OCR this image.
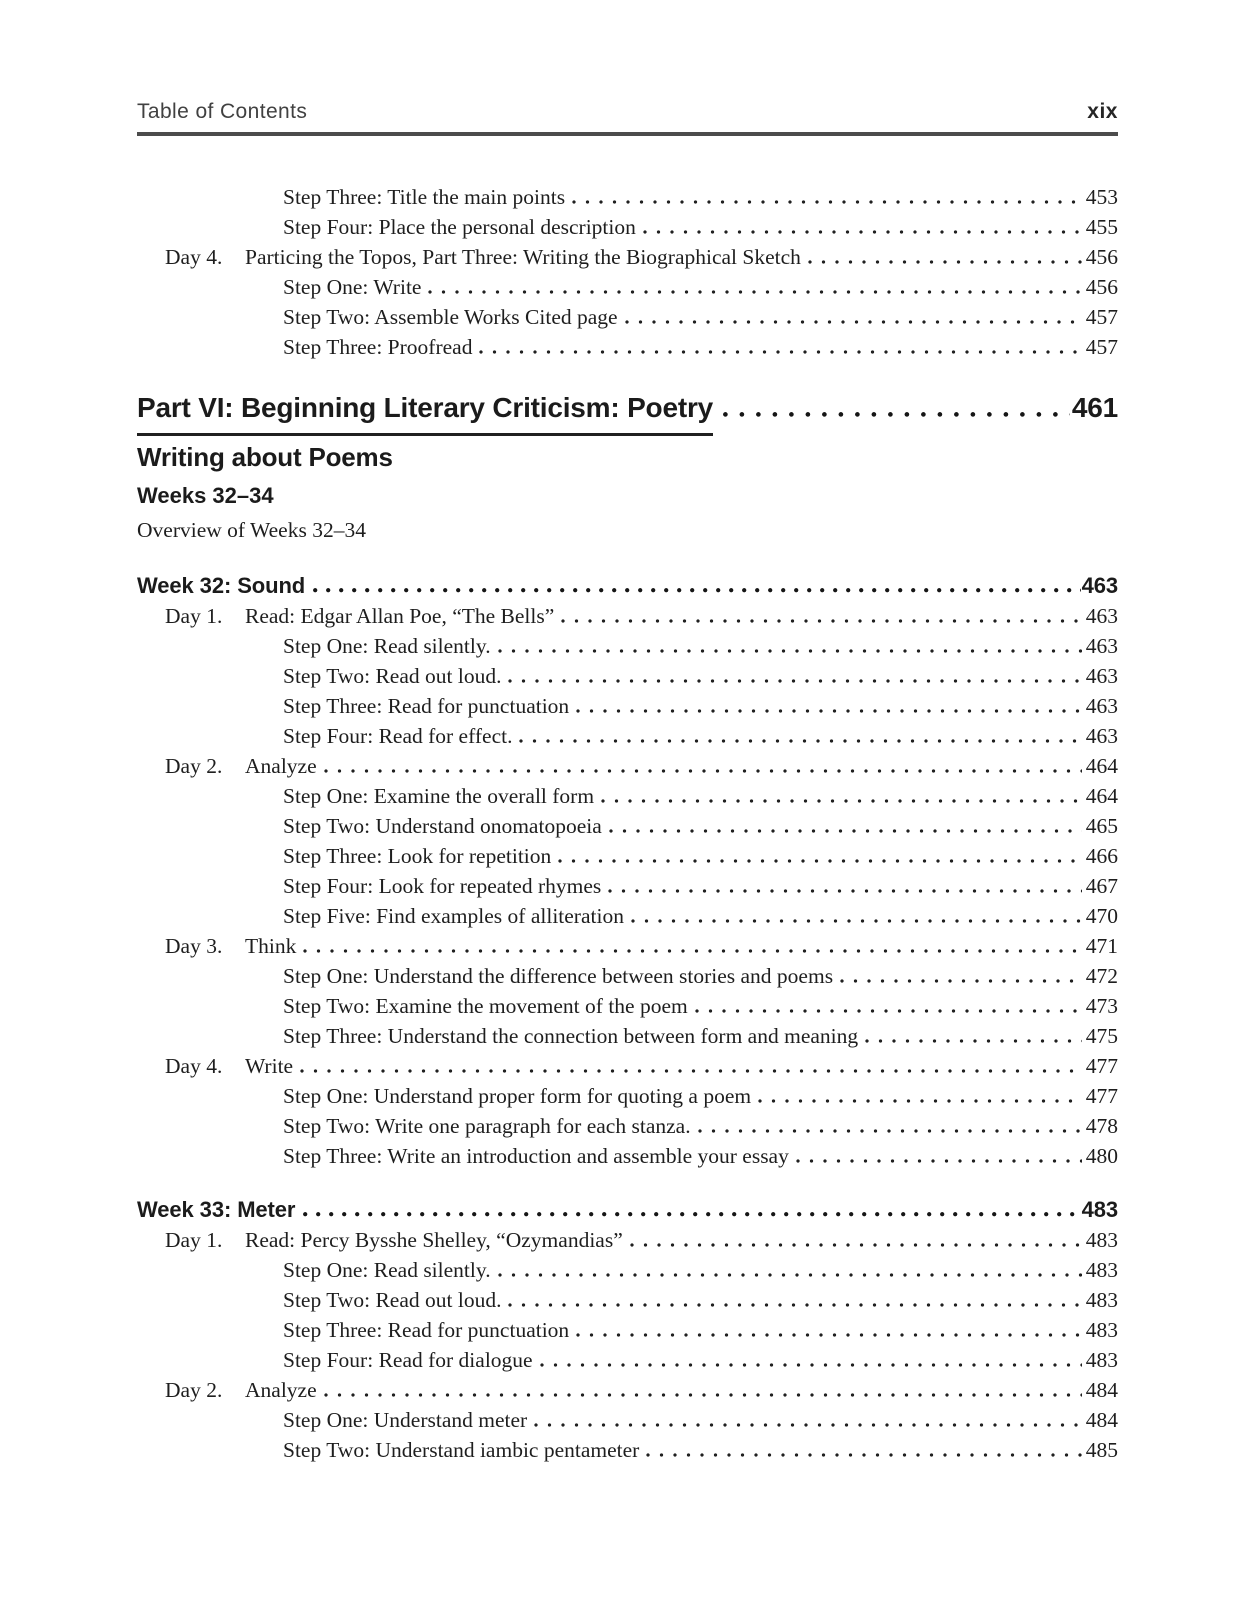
Table of Contents	xix
Step Three: Title the main points	453
Step Four: Place the personal description	455
Day 4.	Particing the Topos, Part Three: Writing the Biographical Sketch	456
Step One: Write	456
Step Two: Assemble Works Cited page	457
Step Three: Proofread	457
Part VI: Beginning Literary Criticism: Poetry	461
Writing about Poems
Weeks 32–34
Overview of Weeks 32–34
Week 32: Sound	463
Day 1.	Read: Edgar Allan Poe, “The Bells”	463
Step One: Read silently.	463
Step Two: Read out loud.	463
Step Three: Read for punctuation	463
Step Four: Read for effect.	463
Day 2.	Analyze	464
Step One: Examine the overall form	464
Step Two: Understand onomatopoeia	465
Step Three: Look for repetition	466
Step Four: Look for repeated rhymes	467
Step Five: Find examples of alliteration	470
Day 3.	Think	471
Step One: Understand the difference between stories and poems	472
Step Two: Examine the movement of the poem	473
Step Three: Understand the connection between form and meaning	475
Day 4.	Write	477
Step One: Understand proper form for quoting a poem	477
Step Two: Write one paragraph for each stanza.	478
Step Three: Write an introduction and assemble your essay	480
Week 33: Meter	483
Day 1.	Read: Percy Bysshe Shelley, “Ozymandias”	483
Step One: Read silently.	483
Step Two: Read out loud.	483
Step Three: Read for punctuation	483
Step Four: Read for dialogue	483
Day 2.	Analyze	484
Step One: Understand meter	484
Step Two: Understand iambic pentameter	485
